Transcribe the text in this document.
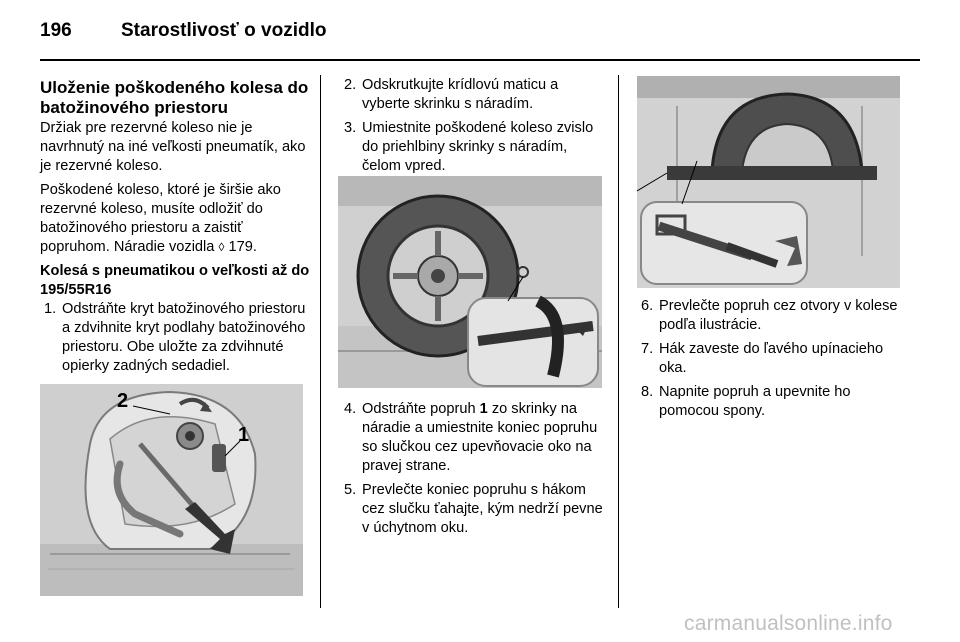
196	Starostlivosť o vozidlo
Uloženie poškodeného kolesa do batožinového priestoru

Držiak pre rezervné koleso nie je navrhnutý na iné veľkosti pneumatík, ako je rezervné koleso.

Poškodené koleso, ktoré je širšie ako rezervné koleso, musíte odložiť do batožinového priestoru a zaistiť popruhom. Náradie vozidla ◊ 179.

Kolesá s pneumatikou o veľkosti až do 195/55R16

1. Odstráňte kryt batožinového priestoru a zdvihnite kryt podlahy batožinového priestoru. Obe uložte za zdvihnuté opierky zadných sedadiel.
2
1
2. Odskrutkujte krídlovú maticu a vyberte skrinku s náradím.
3. Umiestnite poškodené koleso zvislo do priehlbiny skrinky s náradím, čelom vpred.
4. Odstráňte popruh 1 zo skrinky na náradie a umiestnite koniec popruhu so slučkou cez upevňovacie oko na pravej strane.
5. Prevlečte koniec popruhu s hákom cez slučku ťahajte, kým nedrží pevne v úchytnom oku.
6. Prevlečte popruh cez otvory v kolese podľa ilustrácie.
7. Hák zaveste do ľavého upínacieho oka.
8. Napnite popruh a upevnite ho pomocou spony.
carmanualsonline.info
